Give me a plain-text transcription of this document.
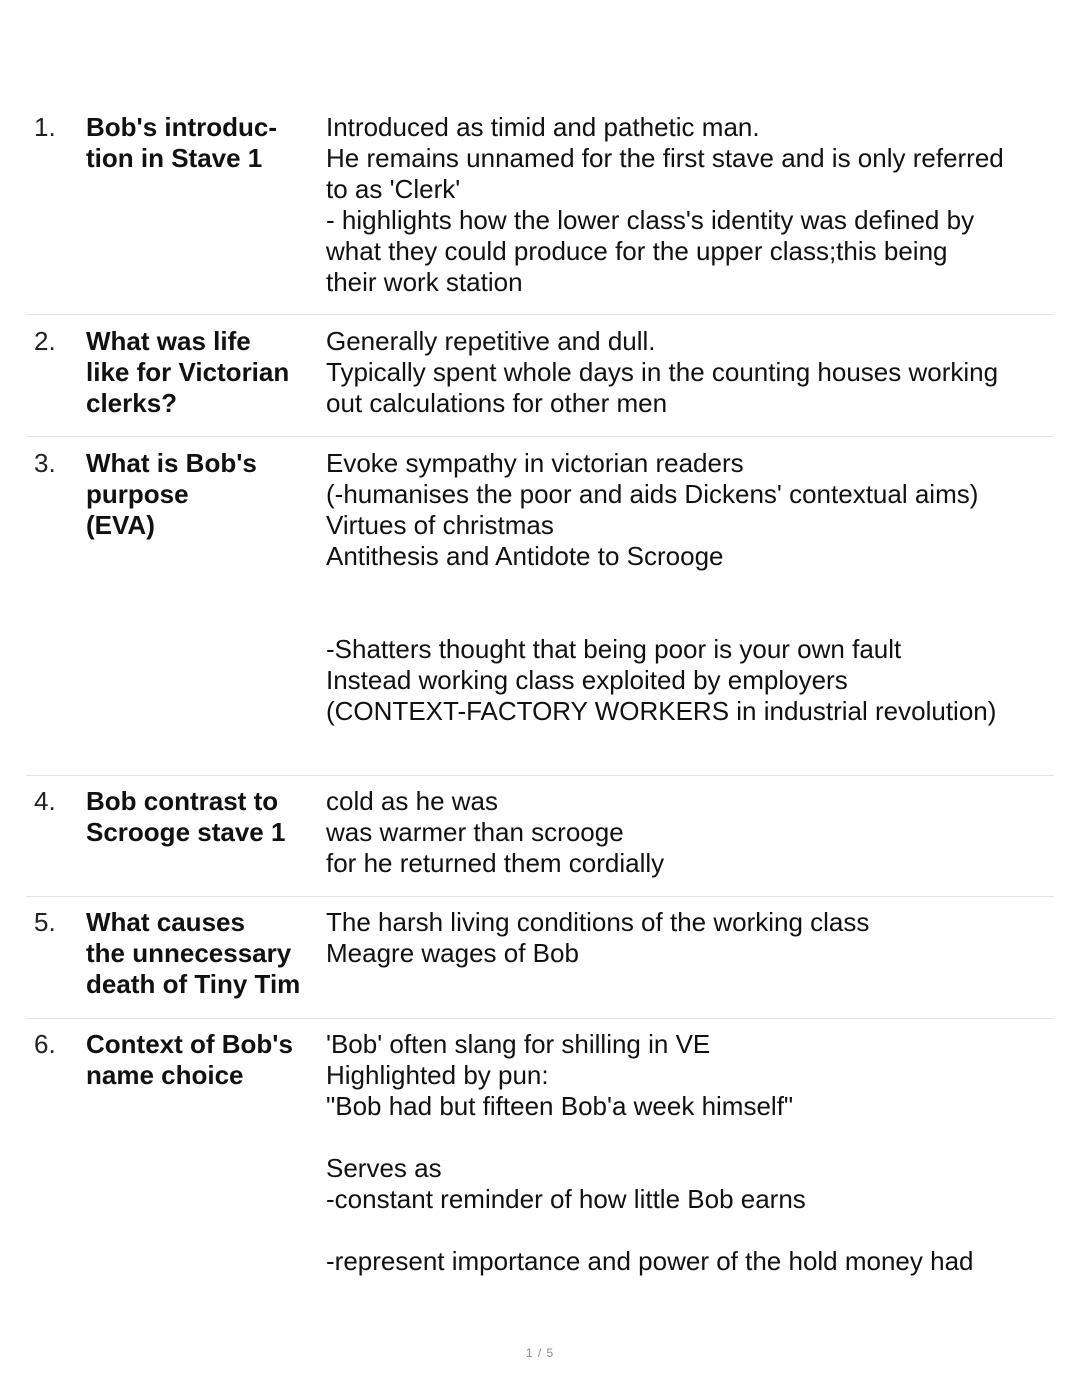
1. Bob's introduc-
tion in Stave 1
Introduced as timid and pathetic man.
He remains unnamed for the first stave and is only referred
to as 'Clerk'
- highlights how the lower class's identity was defined by
what they could produce for the upper class;this being
their work station
2. What was life
like for Victorian
clerks?
Generally repetitive and dull.
Typically spent whole days in the counting houses working
out calculations for other men
3. What is Bob's
purpose
(EVA)
Evoke sympathy in victorian readers
(-humanises the poor and aids Dickens' contextual aims)
Virtues of christmas
Antithesis and Antidote to Scrooge
-Shatters thought that being poor is your own fault
Instead working class exploited by employers
(CONTEXT-FACTORY WORKERS in industrial revolution)
4. Bob contrast to
Scrooge stave 1
cold as he was
was warmer than scrooge
for he returned them cordially
5. What causes
the unnecessary
death of Tiny Tim
The harsh living conditions of the working class
Meagre wages of Bob
6. Context of Bob's
name choice
'Bob' often slang for shilling in VE
Highlighted by pun:
"Bob had but fifteen Bob'a week himself"
Serves as
-constant reminder of how little Bob earns
-represent importance and power of the hold money had
1 / 5
